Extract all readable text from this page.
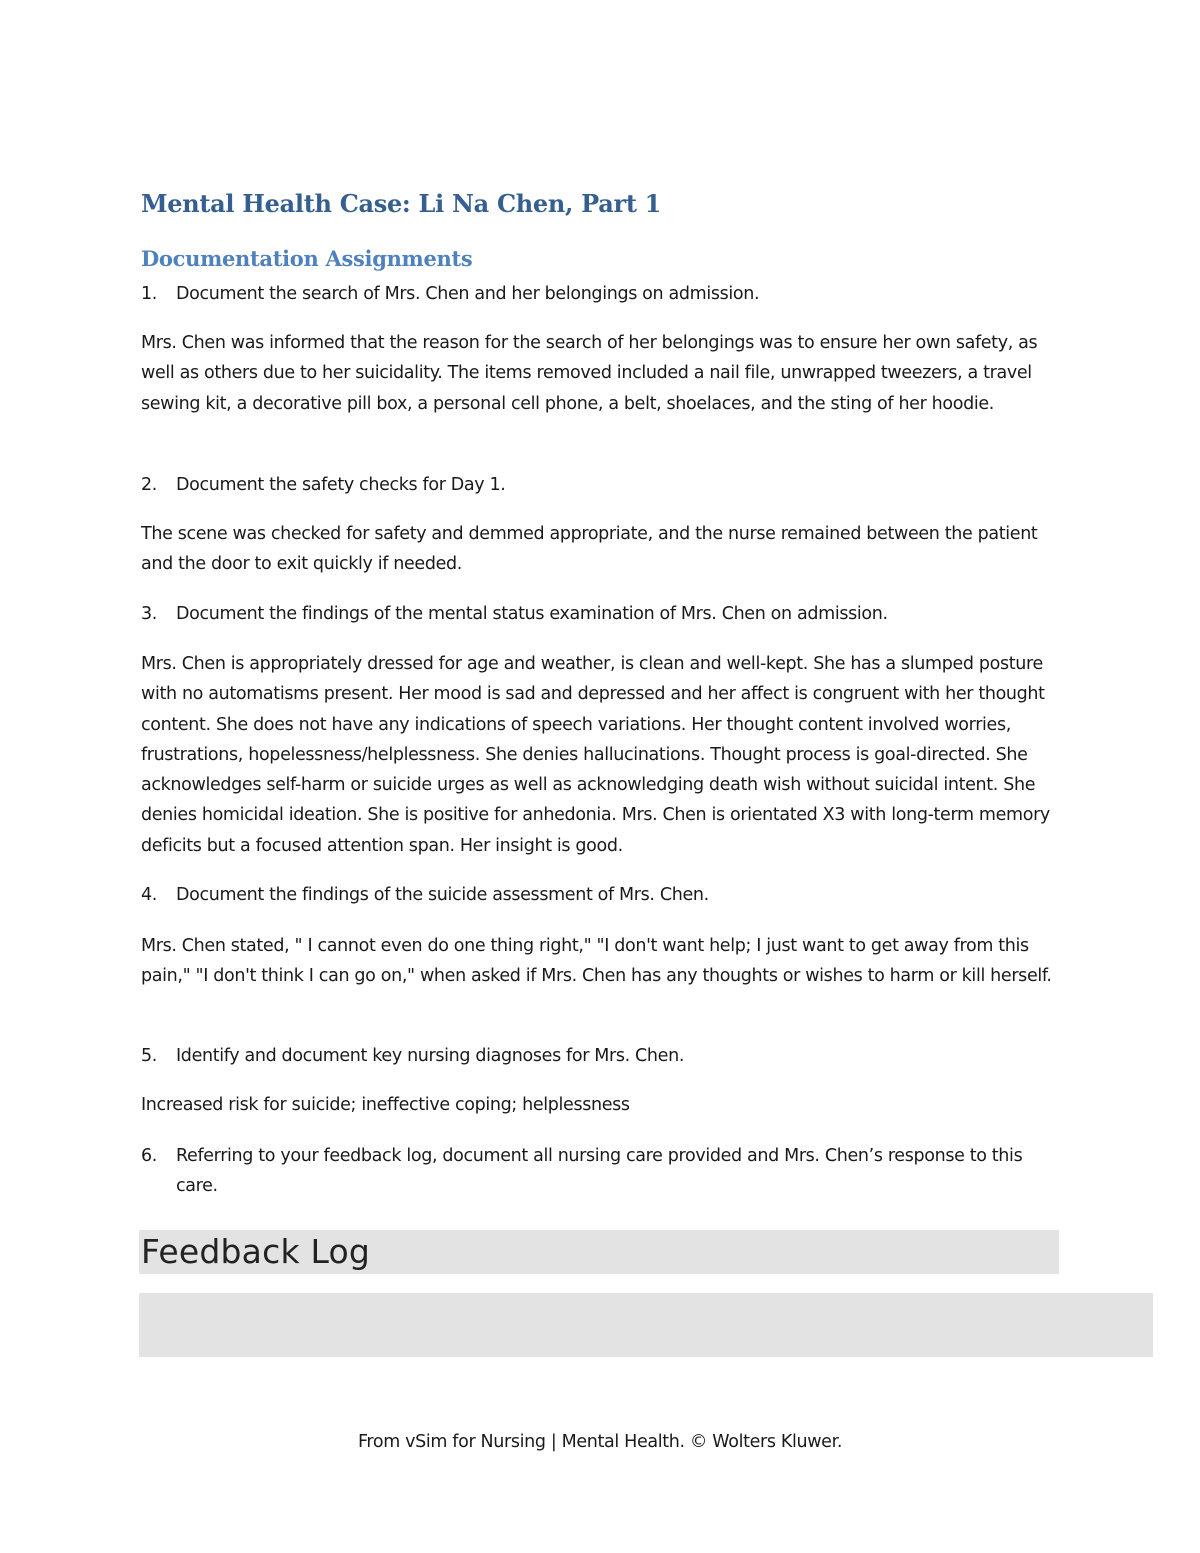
Mental Health Case: Li Na Chen, Part 1
Documentation Assignments
1. Document the search of Mrs. Chen and her belongings on admission.

Mrs. Chen was informed that the reason for the search of her belongings was to ensure her own safety, as well as others due to her suicidality. The items removed included a nail file, unwrapped tweezers, a travel sewing kit, a decorative pill box, a personal cell phone, a belt, shoelaces, and the sting of her hoodie.

2. Document the safety checks for Day 1.

The scene was checked for safety and demmed appropriate, and the nurse remained between the patient and the door to exit quickly if needed.

3. Document the findings of the mental status examination of Mrs. Chen on admission.

Mrs. Chen is appropriately dressed for age and weather, is clean and well-kept. She has a slumped posture with no automatisms present. Her mood is sad and depressed and her affect is congruent with her thought content. She does not have any indications of speech variations. Her thought content involved worries, frustrations, hopelessness/helplessness. She denies hallucinations. Thought process is goal-directed. She acknowledges self-harm or suicide urges as well as acknowledging death wish without suicidal intent. She denies homicidal ideation. She is positive for anhedonia. Mrs. Chen is orientated X3 with long-term memory deficits but a focused attention span. Her insight is good.

4. Document the findings of the suicide assessment of Mrs. Chen.

Mrs. Chen stated, " I cannot even do one thing right," "I don't want help; I just want to get away from this pain," "I don't think I can go on," when asked if Mrs. Chen has any thoughts or wishes to harm or kill herself.

5. Identify and document key nursing diagnoses for Mrs. Chen.

Increased risk for suicide; ineffective coping; helplessness

6. Referring to your feedback log, document all nursing care provided and Mrs. Chen’s response to this care.
Feedback Log

From vSim for Nursing | Mental Health. © Wolters Kluwer.
